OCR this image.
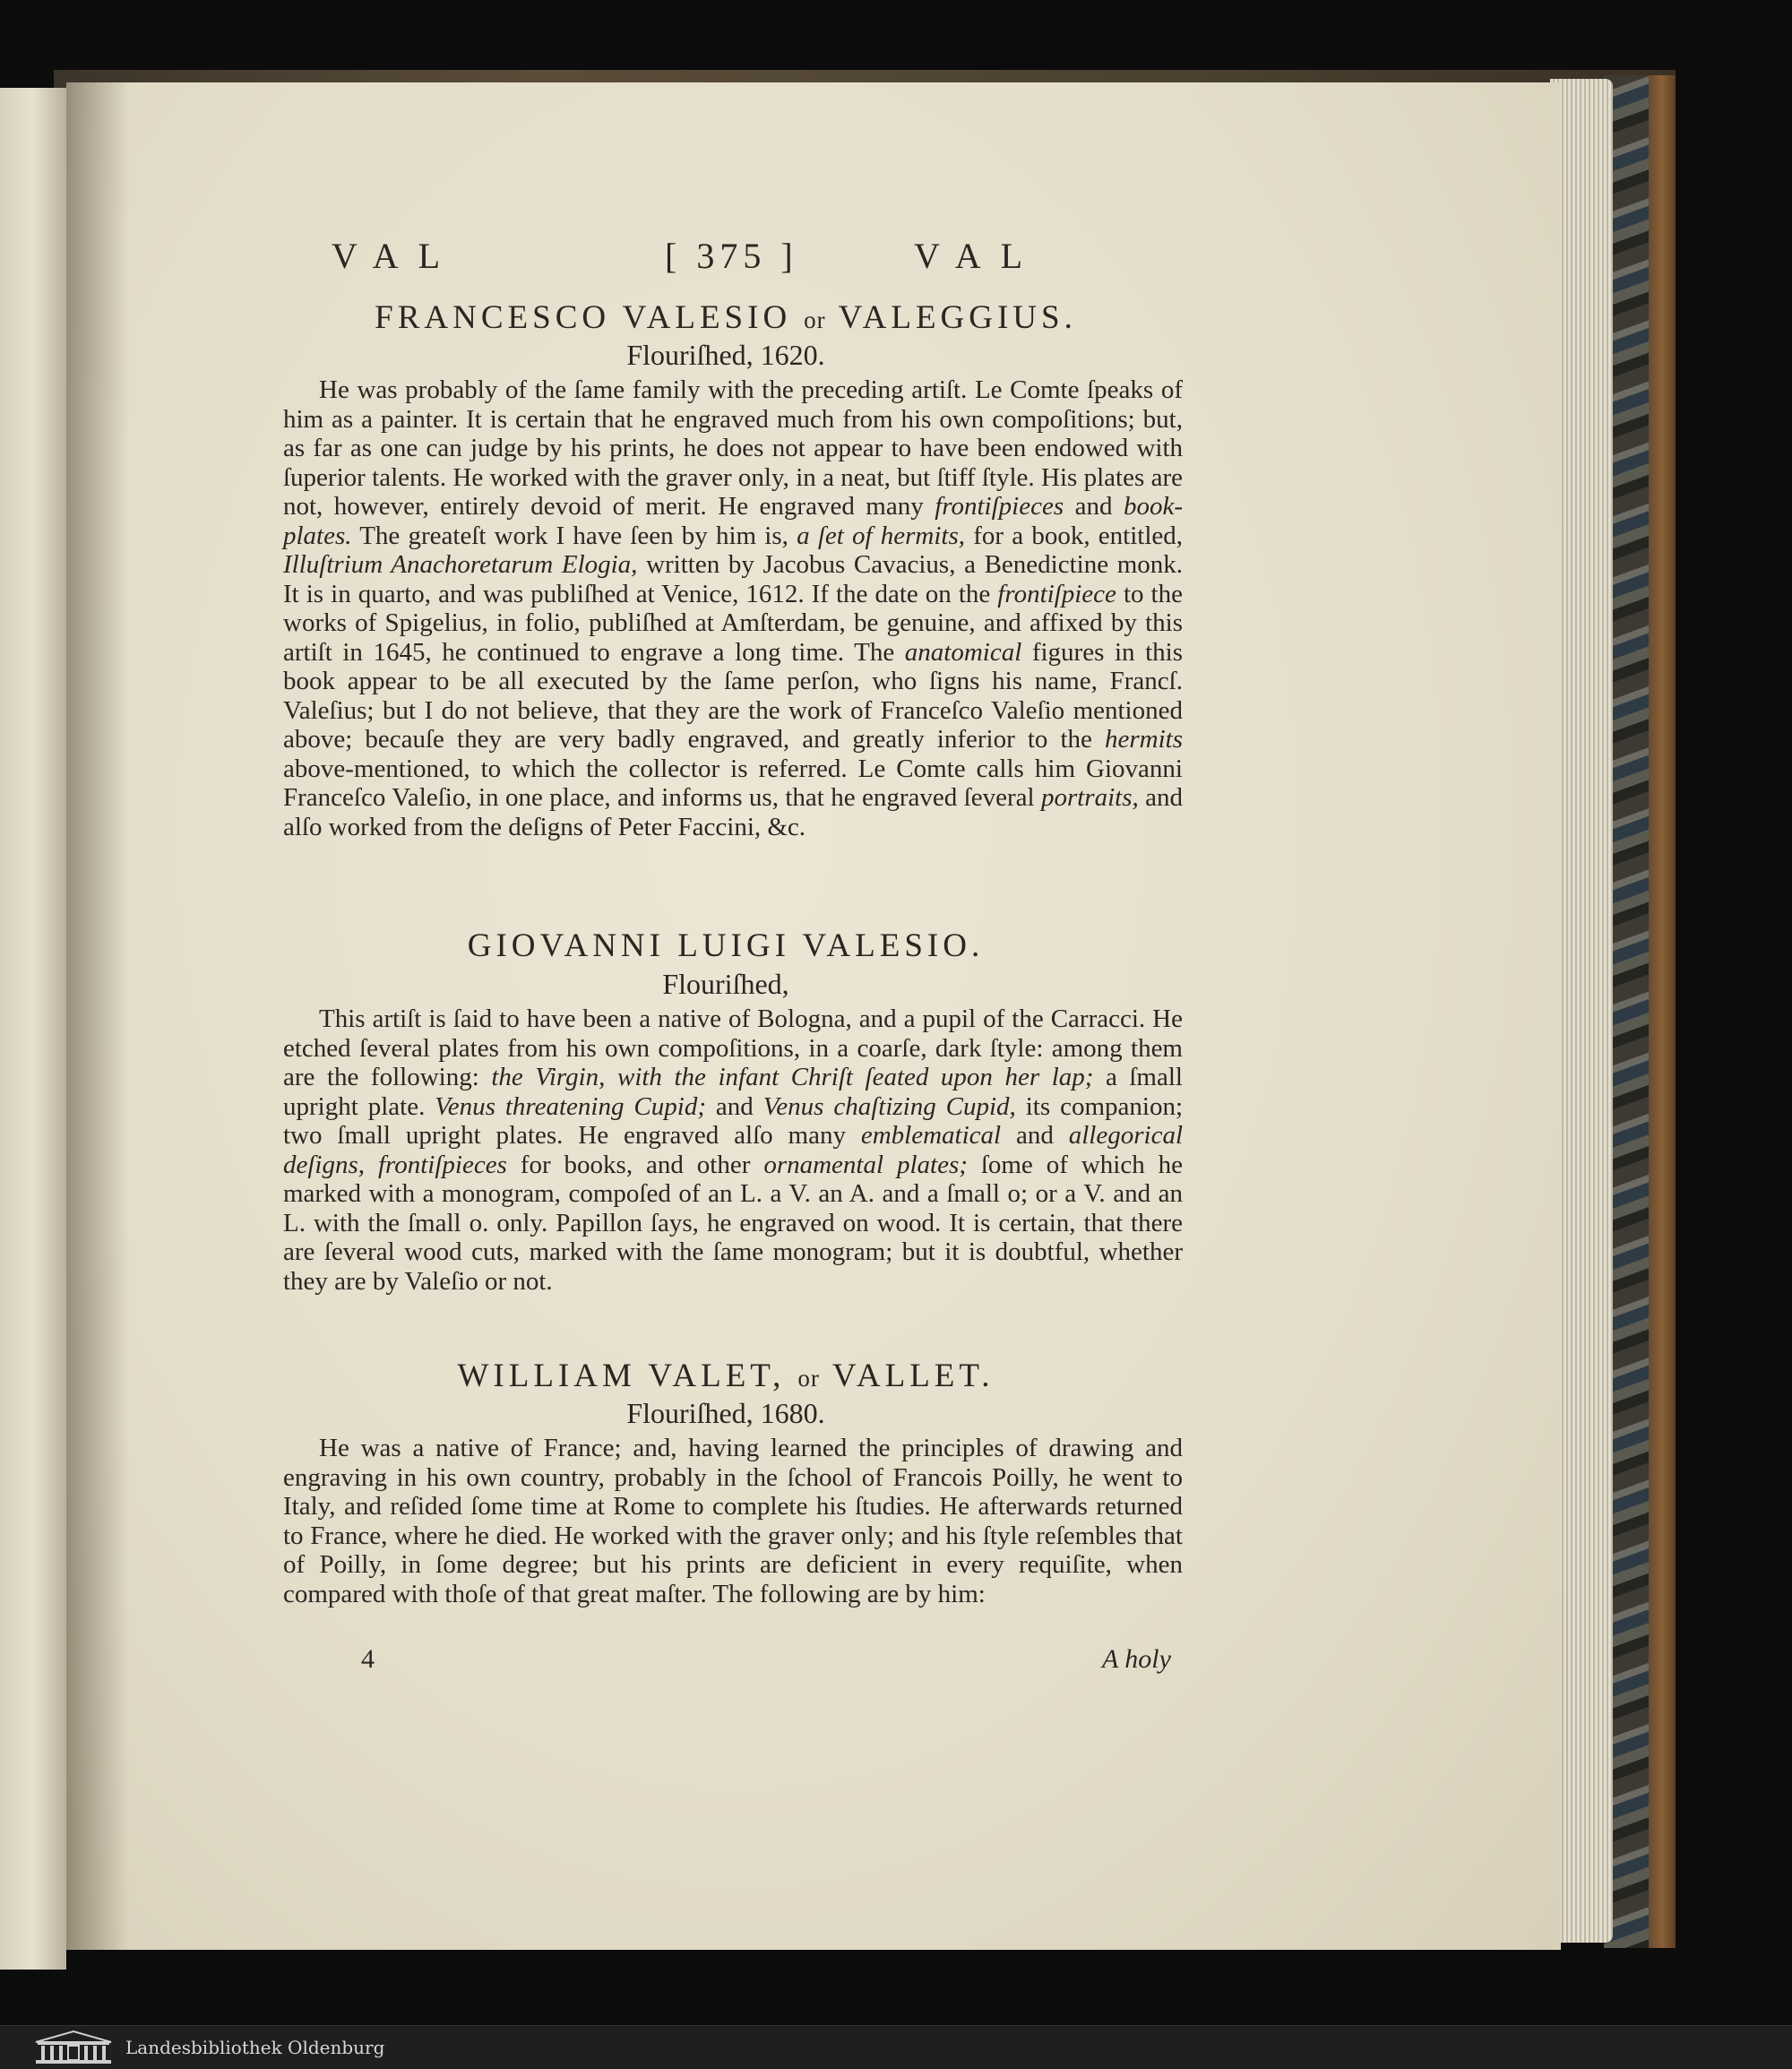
VAL	[ 375 ]	VAL
FRANCESCO VALESIO or VALEGGIUS.
Flouriſhed, 1620.
He was probably of the ſame family with the preceding artiſt. Le Comte ſpeaks of him as a painter. It is certain that he engraved much from his own compoſitions; but, as far as one can judge by his prints, he does not appear to have been endowed with ſuperior talents. He worked with the graver only, in a neat, but ſtiff ſtyle. His plates are not, however, entirely devoid of merit. He engraved many frontiſpieces and book-plates. The greateſt work I have ſeen by him is, a ſet of hermits, for a book, entitled, Illuſtrium Anachoretarum Elogia, written by Jacobus Cavacius, a Benedictine monk. It is in quarto, and was publiſhed at Venice, 1612. If the date on the frontiſpiece to the works of Spigelius, in folio, publiſhed at Amſterdam, be genuine, and affixed by this artiſt in 1645, he continued to engrave a long time. The anatomical figures in this book appear to be all executed by the ſame perſon, who ſigns his name, Francſ. Valeſius; but I do not believe, that they are the work of Franceſco Valeſio mentioned above; becauſe they are very badly engraved, and greatly inferior to the hermits above-mentioned, to which the collector is referred. Le Comte calls him Giovanni Franceſco Valeſio, in one place, and informs us, that he engraved ſeveral portraits, and alſo worked from the deſigns of Peter Faccini, &c.
GIOVANNI LUIGI VALESIO.
Flouriſhed,
This artiſt is ſaid to have been a native of Bologna, and a pupil of the Carracci. He etched ſeveral plates from his own compoſitions, in a coarſe, dark ſtyle: among them are the following: the Virgin, with the infant Chriſt ſeated upon her lap; a ſmall upright plate. Venus threatening Cupid; and Venus chaſtizing Cupid, its companion; two ſmall upright plates. He engraved alſo many emblematical and allegorical deſigns, frontiſpieces for books, and other ornamental plates; ſome of which he marked with a monogram, compoſed of an L. a V. an A. and a ſmall o; or a V. and an L. with the ſmall o. only. Papillon ſays, he engraved on wood. It is certain, that there are ſeveral wood cuts, marked with the ſame monogram; but it is doubtful, whether they are by Valeſio or not.
WILLIAM VALET, or VALLET.
Flouriſhed, 1680.
He was a native of France; and, having learned the principles of drawing and engraving in his own country, probably in the ſchool of Francois Poilly, he went to Italy, and reſided ſome time at Rome to complete his ſtudies. He afterwards returned to France, where he died. He worked with the graver only; and his ſtyle reſembles that of Poilly, in ſome degree; but his prints are deficient in every requiſite, when compared with thoſe of that great maſter. The following are by him:
4	A holy
Landesbibliothek Oldenburg
